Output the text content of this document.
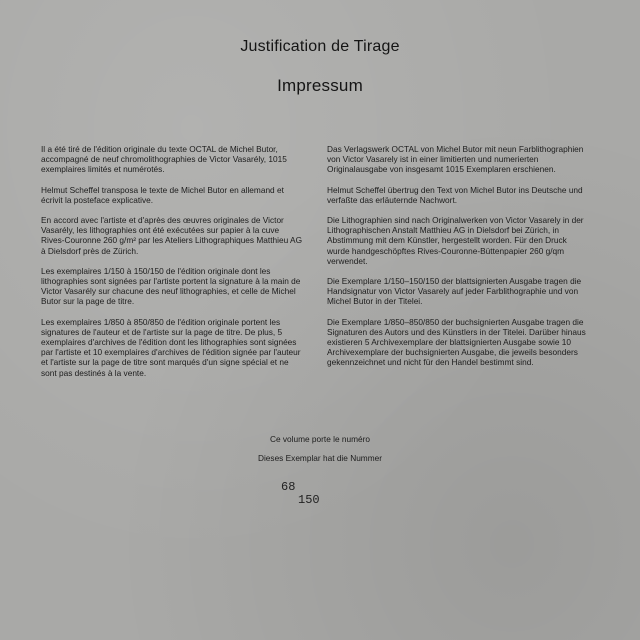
Justification de Tirage
Impressum

Il a été tiré de l'édition originale du texte OCTAL de Michel Butor, accompagné de neuf chromolithographies de Victor Vasarély, 1015 exemplaires limités et numérotés.

Helmut Scheffel transposa le texte de Michel Butor en allemand et écrivit la posteface explicative.

En accord avec l'artiste et d'après des œuvres originales de Victor Vasarély, les lithographies ont été exécutées sur papier à la cuve Rives-Couronne 260 g/m² par les Ateliers Lithographiques Matthieu AG à Dielsdorf près de Zürich.

Les exemplaires 1/150 à 150/150 de l'édition originale dont les lithographies sont signées par l'artiste portent la signature à la main de Victor Vasarély sur chacune des neuf lithographies, et celle de Michel Butor sur la page de titre.

Les exemplaires 1/850 à 850/850 de l'édition originale portent les signatures de l'auteur et de l'artiste sur la page de titre. De plus, 5 exemplaires d'archives de l'édition dont les lithographies sont signées par l'artiste et 10 exemplaires d'archives de l'édition signée par l'auteur et l'artiste sur la page de titre sont marqués d'un signe spécial et ne sont pas destinés à la vente.

Das Verlagswerk OCTAL von Michel Butor mit neun Farblithographien von Victor Vasarely ist in einer limitierten und numerierten Originalausgabe von insgesamt 1015 Exemplaren erschienen.

Helmut Scheffel übertrug den Text von Michel Butor ins Deutsche und verfaßte das erläuternde Nachwort.

Die Lithographien sind nach Originalwerken von Victor Vasarely in der Lithographischen Anstalt Matthieu AG in Dielsdorf bei Zürich, in Abstimmung mit dem Künstler, hergestellt worden. Für den Druck wurde handgeschöpftes Rives-Couronne-Büttenpapier 260 g/qm verwendet.

Die Exemplare 1/150–150/150 der blattsignierten Ausgabe tragen die Handsignatur von Victor Vasarely auf jeder Farblithographie und von Michel Butor in der Titelei.

Die Exemplare 1/850–850/850 der buchsignierten Ausgabe tragen die Signaturen des Autors und des Künstlers in der Titelei. Darüber hinaus existieren 5 Archivexemplare der blattsignierten Ausgabe sowie 10 Archivexemplare der buchsignierten Ausgabe, die jeweils besonders gekennzeichnet und nicht für den Handel bestimmt sind.

Ce volume porte le numéro
Dieses Exemplar hat die Nummer
68
150
